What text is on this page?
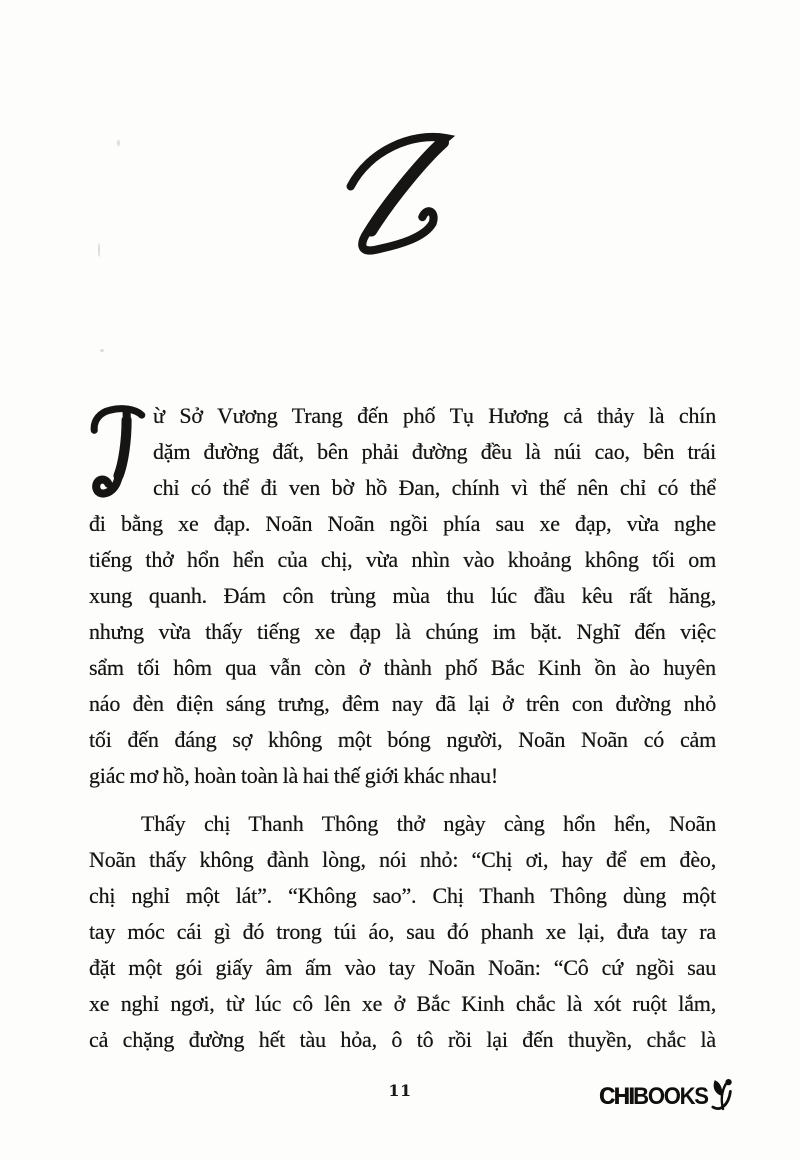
ừ Sở Vương Trang đến phố Tụ Hương cả thảy là chín
dặm đường đất, bên phải đường đều là núi cao, bên trái
chỉ có thể đi ven bờ hồ Đan, chính vì thế nên chỉ có thể
đi bằng xe đạp. Noãn Noãn ngồi phía sau xe đạp, vừa nghe
tiếng thở hổn hển của chị, vừa nhìn vào khoảng không tối om
xung quanh. Đám côn trùng mùa thu lúc đầu kêu rất hăng,
nhưng vừa thấy tiếng xe đạp là chúng im bặt. Nghĩ đến việc
sẩm tối hôm qua vẫn còn ở thành phố Bắc Kinh ồn ào huyên
náo đèn điện sáng trưng, đêm nay đã lại ở trên con đường nhỏ
tối đến đáng sợ không một bóng người, Noãn Noãn có cảm
giác mơ hồ, hoàn toàn là hai thế giới khác nhau!
Thấy chị Thanh Thông thở ngày càng hổn hển, Noãn
Noãn thấy không đành lòng, nói nhỏ: “Chị ơi, hay để em đèo,
chị nghỉ một lát”. “Không sao”. Chị Thanh Thông dùng một
tay móc cái gì đó trong túi áo, sau đó phanh xe lại, đưa tay ra
đặt một gói giấy âm ấm vào tay Noãn Noãn: “Cô cứ ngồi sau
xe nghỉ ngơi, từ lúc cô lên xe ở Bắc Kinh chắc là xót ruột lắm,
cả chặng đường hết tàu hỏa, ô tô rồi lại đến thuyền, chắc là
11	CHIBOOKS
